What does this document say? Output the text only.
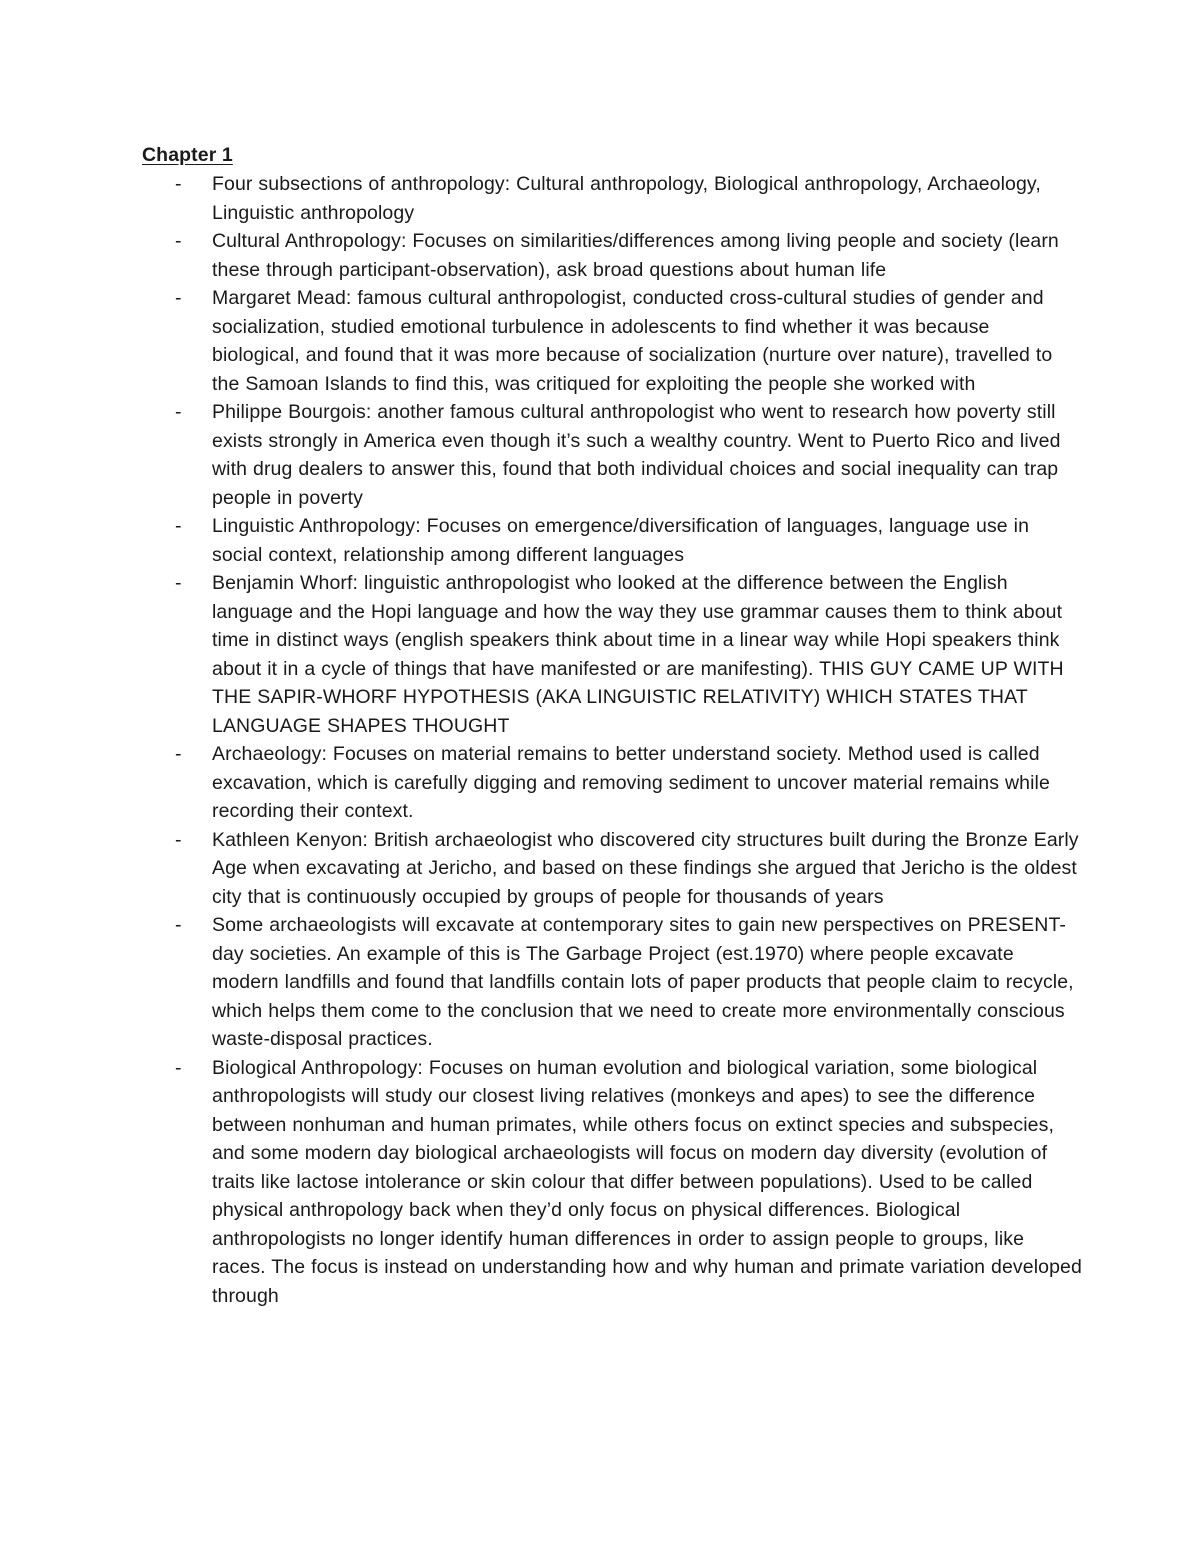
Chapter 1
- Four subsections of anthropology: Cultural anthropology, Biological anthropology, Archaeology, Linguistic anthropology
- Cultural Anthropology: Focuses on similarities/differences among living people and society (learn these through participant-observation), ask broad questions about human life
- Margaret Mead: famous cultural anthropologist, conducted cross-cultural studies of gender and socialization, studied emotional turbulence in adolescents to find whether it was because biological, and found that it was more because of socialization (nurture over nature), travelled to the Samoan Islands to find this, was critiqued for exploiting the people she worked with
- Philippe Bourgois: another famous cultural anthropologist who went to research how poverty still exists strongly in America even though it’s such a wealthy country. Went to Puerto Rico and lived with drug dealers to answer this, found that both individual choices and social inequality can trap people in poverty
- Linguistic Anthropology: Focuses on emergence/diversification of languages, language use in social context, relationship among different languages
- Benjamin Whorf: linguistic anthropologist who looked at the difference between the English language and the Hopi language and how the way they use grammar causes them to think about time in distinct ways (english speakers think about time in a linear way while Hopi speakers think about it in a cycle of things that have manifested or are manifesting). THIS GUY CAME UP WITH THE SAPIR-WHORF HYPOTHESIS (AKA LINGUISTIC RELATIVITY) WHICH STATES THAT LANGUAGE SHAPES THOUGHT
- Archaeology: Focuses on material remains to better understand society. Method used is called excavation, which is carefully digging and removing sediment to uncover material remains while recording their context.
- Kathleen Kenyon: British archaeologist who discovered city structures built during the Bronze Early Age when excavating at Jericho, and based on these findings she argued that Jericho is the oldest city that is continuously occupied by groups of people for thousands of years
- Some archaeologists will excavate at contemporary sites to gain new perspectives on PRESENT-day societies. An example of this is The Garbage Project (est.1970) where people excavate modern landfills and found that landfills contain lots of paper products that people claim to recycle, which helps them come to the conclusion that we need to create more environmentally conscious waste-disposal practices.
- Biological Anthropology: Focuses on human evolution and biological variation, some biological anthropologists will study our closest living relatives (monkeys and apes) to see the difference between nonhuman and human primates, while others focus on extinct species and subspecies, and some modern day biological archaeologists will focus on modern day diversity (evolution of traits like lactose intolerance or skin colour that differ between populations). Used to be called physical anthropology back when they’d only focus on physical differences. Biological anthropologists no longer identify human differences in order to assign people to groups, like races. The focus is instead on understanding how and why human and primate variation developed through
